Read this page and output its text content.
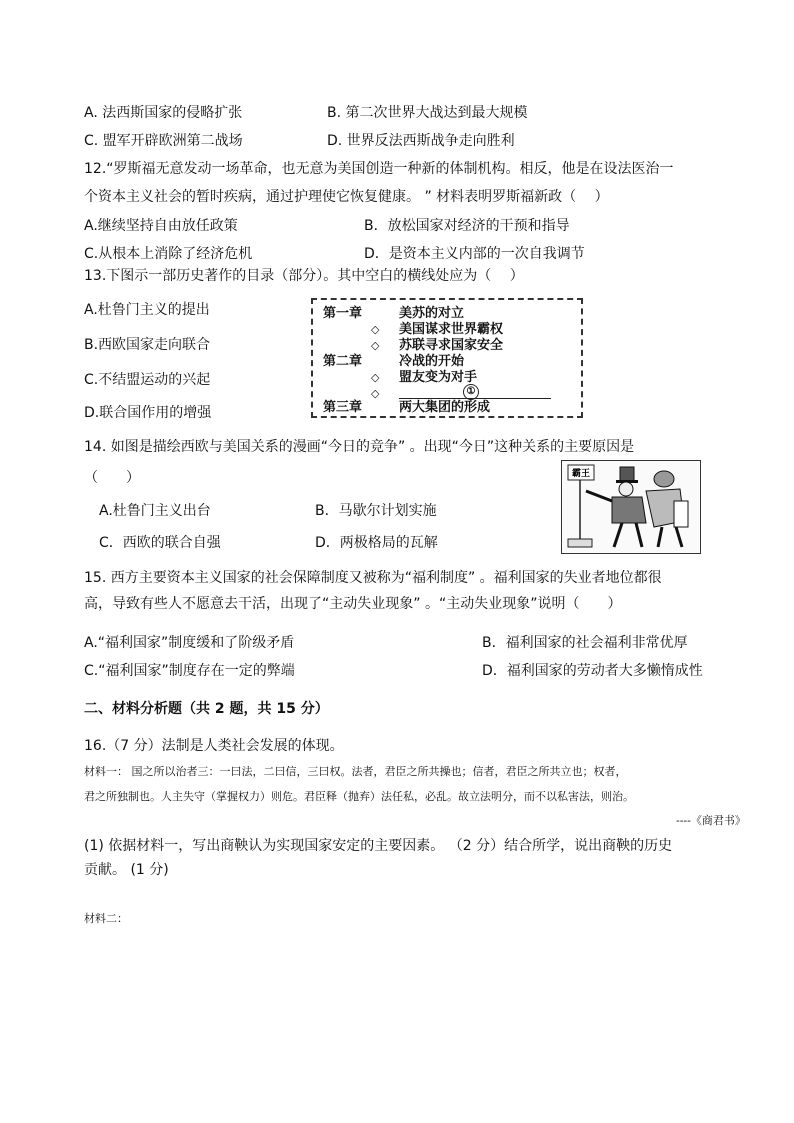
A. 法西斯国家的侵略扩张	B. 第二次世界大战达到最大规模
C. 盟军开辟欧洲第二战场	D. 世界反法西斯战争走向胜利
12.“罗斯福无意发动一场革命，也无意为美国创造一种新的体制机构。相反，他是在设法医治一
个资本主义社会的暂时疾病，通过护理使它恢复健康。 ” 材料表明罗斯福新政（　 ）
A.继续坚持自由放任政策	B．放松国家对经济的干预和指导
C.从根本上消除了经济危机	D．是资本主义内部的一次自我调节
13.下图示一部历史著作的目录（部分）。其中空白的横线处应为（　 ）
A.杜鲁门主义的提出
B.西欧国家走向联合
C.不结盟运动的兴起
D.联合国作用的增强
第一章	美苏的对立
◇ 美国谋求世界霸权
◇ 苏联寻求国家安全
第二章	冷战的开始
◇ 盟友变为对手
◇	①
第三章	两大集团的形成
14. 如图是描绘西欧与美国关系的漫画“今日的竞争” 。出现“今日”这种关系的主要原因是
（　　）
A.杜鲁门主义出台	B．马歇尔计划实施
C．西欧的联合自强	D．两极格局的瓦解
霸王
15. 西方主要资本主义国家的社会保障制度又被称为“福利制度” 。福利国家的失业者地位都很
高，导致有些人不愿意去干活，出现了“主动失业现象” 。“主动失业现象”说明（　　）
A.“福利国家”制度缓和了阶级矛盾	B．福利国家的社会福利非常优厚
C.“福利国家”制度存在一定的弊端	D．福利国家的劳动者大多懒惰成性
二、材料分析题（共 2 题，共 15 分）
16.（7 分）法制是人类社会发展的体现。
材料一： 国之所以治者三：一曰法，二曰信，三曰权。法者，君臣之所共操也；信者，君臣之所共立也；权者，
君之所独制也。人主失守（掌握权力）则危。君臣释（抛弃）法任私，必乱。故立法明分，而不以私害法，则治。
----《商君书》
(1) 依据材料一，写出商鞅认为实现国家安定的主要因素。 （2 分）结合所学，说出商鞅的历史
贡献。 (1 分)
材料二：
